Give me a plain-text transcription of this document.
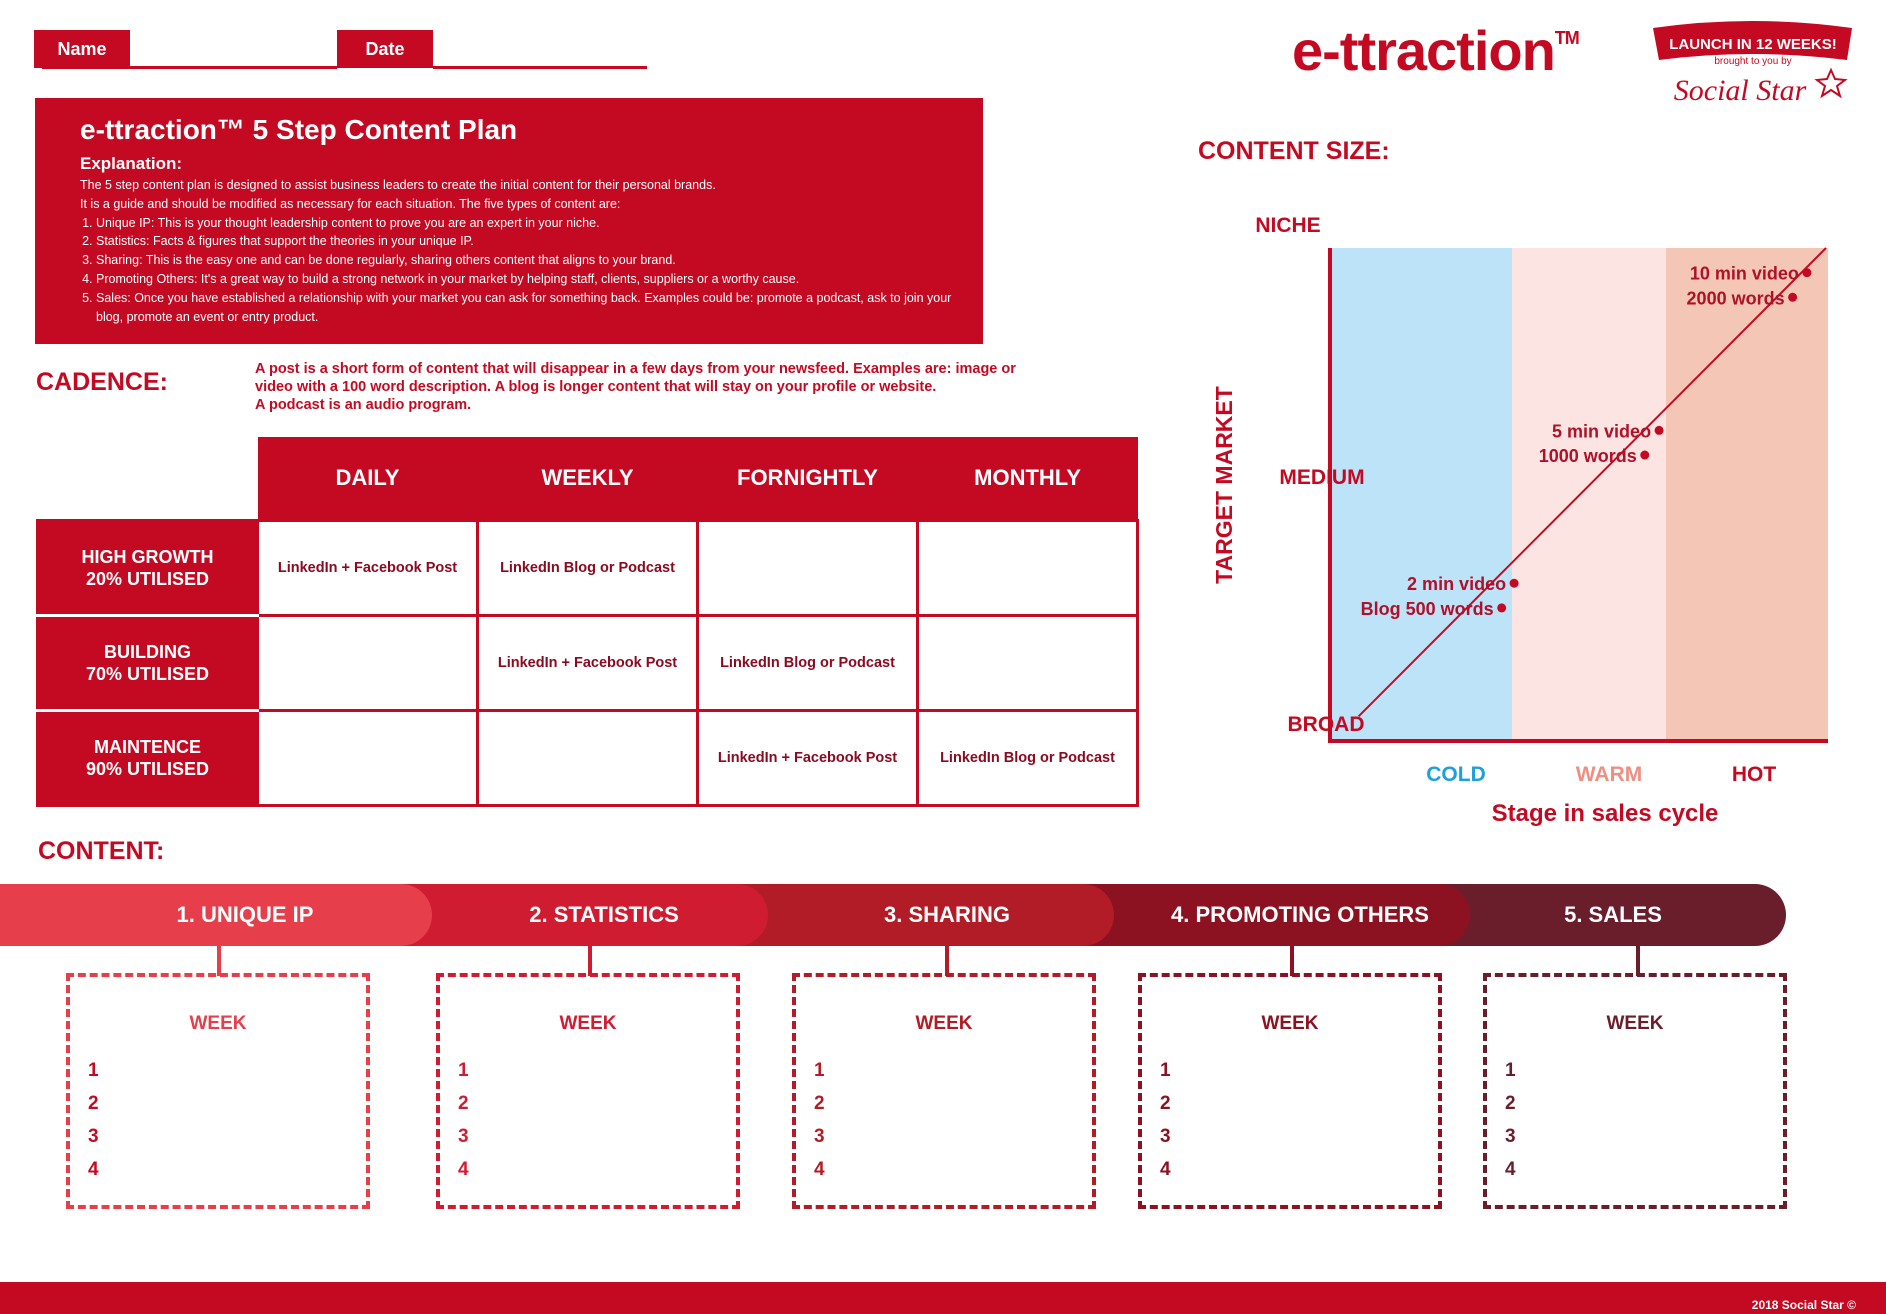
Name	Date	e-ttraction™	LAUNCH IN 12 WEEKS!
brought to you by
Social Star
e-ttraction™ 5 Step Content Plan
Explanation:
The 5 step content plan is designed to assist business leaders to create the initial content for their personal brands.
It is a guide and should be modified as necessary for each situation. The five types of content are:
1. Unique IP: This is your thought leadership content to prove you are an expert in your niche.
2. Statistics: Facts & figures that support the theories in your unique IP.
3. Sharing: This is the easy one and can be done regularly, sharing others content that aligns to your brand.
4. Promoting Others: It's a great way to build a strong network in your market by helping staff, clients, suppliers or a worthy cause.
5. Sales: Once you have established a relationship with your market you can ask for something back. Examples could be: promote a podcast, ask to join your blog, promote an event or entry product.
CADENCE:	A post is a short form of content that will disappear in a few days from your newsfeed. Examples are: image or
video with a 100 word description. A blog is longer content that will stay on your profile or website.
A podcast is an audio program.
	DAILY	WEEKLY	FORNIGHTLY	MONTHLY

HIGH GROWTH
20% UTILISED	LinkedIn + Facebook Post	LinkedIn Blog or Podcast		

BUILDING
70% UTILISED		LinkedIn + Facebook Post	LinkedIn Blog or Podcast	

MAINTENCE
90% UTILISED			LinkedIn + Facebook Post	LinkedIn Blog or Podcast
CONTENT SIZE:
NICHE
MEDIUM
BROAD
TARGET MARKET
COLD	WARM	HOT
Stage in sales cycle
Blog 500 words
2 min video
1000 words
5 min video
2000 words
10 min video
CONTENT:
5. SALES
4. PROMOTING OTHERS
3. SHARING
2. STATISTICS
1. UNIQUE IP
WEEK
1
2
3
4
WEEK
1
2
3
4
WEEK
1
2
3
4
WEEK
1
2
3
4
WEEK
1
2
3
4
2018 Social Star ©
